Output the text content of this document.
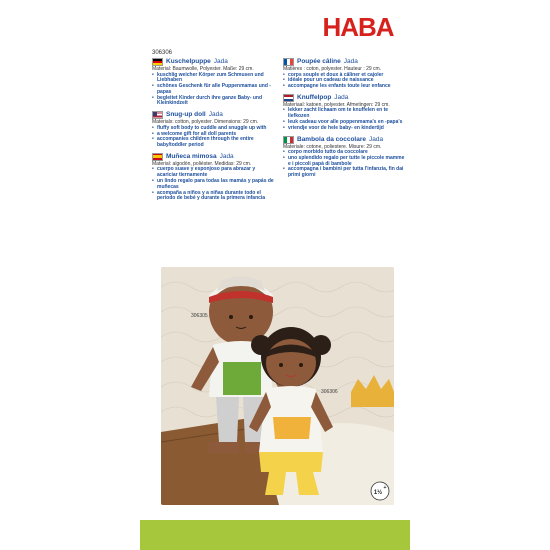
HABA
306306
Kuschelpuppe Jada
Material: Baumwolle, Polyester. Maße: 29 cm.
• kuschlig weicher Körper zum Schmusen und Liebhaben
• schönes Geschenk für alle Puppenmamas und -papas
• begleitet Kinder durch ihre ganze Baby- und Kleinkindzeit
Snug-up doll Jada
Materials: cotton, polyester. Dimensions: 29 cm.
• fluffy soft body to cuddle and snuggle up with
• a welcome gift for all doll parents
• accompanies children through the entire baby/toddler period
Muñeca mimosa Jada
Material: algodón, poliéster. Medidas: 29 cm.
• cuerpo suave y esponjoso para abrazar y acariciar tiernamente
• un lindo regalo para todas las mamás y papás de muñecas
• acompaña a niños y a niñas durante todo el periodo de bebé y durante la primera infancia
Poupée câline Jada
Matières : coton, polyester. Hauteur : 29 cm.
• corps souple et doux à câliner et cajoler
• idéale pour un cadeau de naissance
• accompagne les enfants toute leur enfance
Knuffelpop Jada
Materiaal: katoen, polyester. Afmetingen: 29 cm.
• lekker zacht lichaam om te knuffelen en te liefkozen
• leuk cadeau voor alle poppenmama's en -papa's
• vriendje voor de hele baby- en kindertijd
Bambola da coccolare Jada
Materiale: cotone, poliestere. Misure: 29 cm.
• corpo morbido tutto da coccolare
• uno splendido regalo per tutte le piccole mamme e i piccoli papà di bambole
• accompagna i bambini per tutta l'infanzia, fin dai primi giorni
306305
306306
1½
+
